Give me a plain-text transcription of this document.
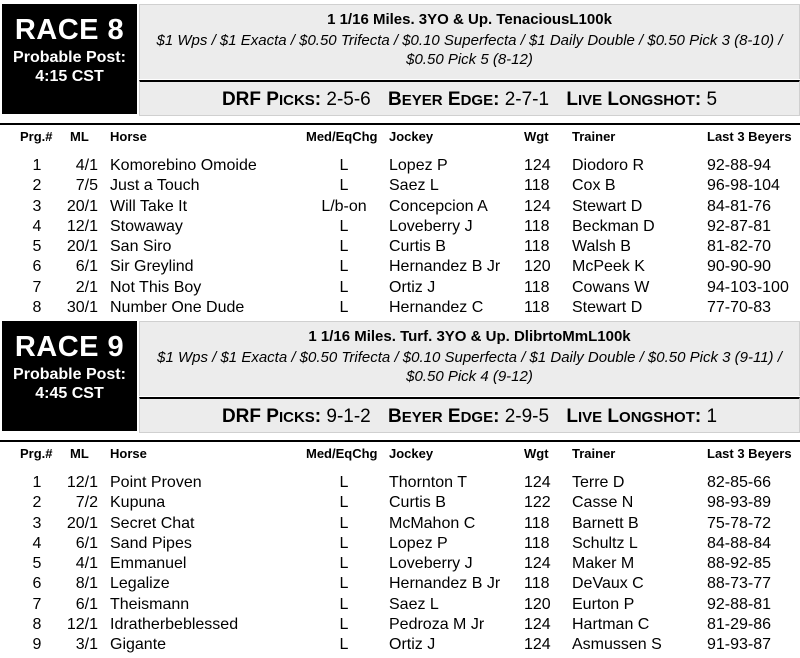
RACE 8
Probable Post:
4:15 CST
1 1/16 Miles. 3YO & Up. TenaciousL100k
$1 Wps / $1 Exacta / $0.50 Trifecta / $0.10 Superfecta / $1 Daily Double / $0.50 Pick 3 (8-10) / $0.50 Pick 5 (8-12)
DRF PICKS: 2-5-6 BEYER EDGE: 2-7-1 LIVE LONGSHOT: 5
Prg.# ML Horse	Med/EqChg Jockey	Wgt Trainer	Last 3 Beyers
1	4/1 Komorebino Omoide	L	Lopez P	124 Diodoro R	92-88-94
2	7/5 Just a Touch	L	Saez L	118 Cox B	96-98-104
3	20/1 Will Take It	L/b-on	Concepcion A 124 Stewart D	84-81-76
4	12/1 Stowaway	L	Loveberry J	118 Beckman D	92-87-81
5	20/1 San Siro	L	Curtis B	118 Walsh B	81-82-70
6	6/1 Sir Greylind	L	Hernandez B Jr 120 McPeek K	90-90-90
7	2/1 Not This Boy	L	Ortiz J	118 Cowans W	94-103-100
8	30/1 Number One Dude	L	Hernandez C	118 Stewart D	77-70-83
RACE 9
Probable Post:
4:45 CST
1 1/16 Miles. Turf. 3YO & Up. DlibrtoMmL100k
$1 Wps / $1 Exacta / $0.50 Trifecta / $0.10 Superfecta / $1 Daily Double / $0.50 Pick 3 (9-11) / $0.50 Pick 4 (9-12)
DRF PICKS: 9-1-2 BEYER EDGE: 2-9-5 LIVE LONGSHOT: 1
Prg.# ML Horse	Med/EqChg Jockey	Wgt Trainer	Last 3 Beyers
1	12/1 Point Proven	L	Thornton T	124 Terre D	82-85-66
2	7/2 Kupuna	L	Curtis B	122 Casse N	98-93-89
3	20/1 Secret Chat	L	McMahon C	118 Barnett B	75-78-72
4	6/1 Sand Pipes	L	Lopez P	118 Schultz L	84-88-84
5	4/1 Emmanuel	L	Loveberry J	124 Maker M	88-92-85
6	8/1 Legalize	L	Hernandez B Jr 118 DeVaux C	88-73-77
7	6/1 Theismann	L	Saez L	120 Eurton P	92-88-81
8	12/1 Idratherbeblessed	L	Pedroza M Jr 124 Hartman C	81-29-86
9	3/1 Gigante	L	Ortiz J	124 Asmussen S	91-93-87
